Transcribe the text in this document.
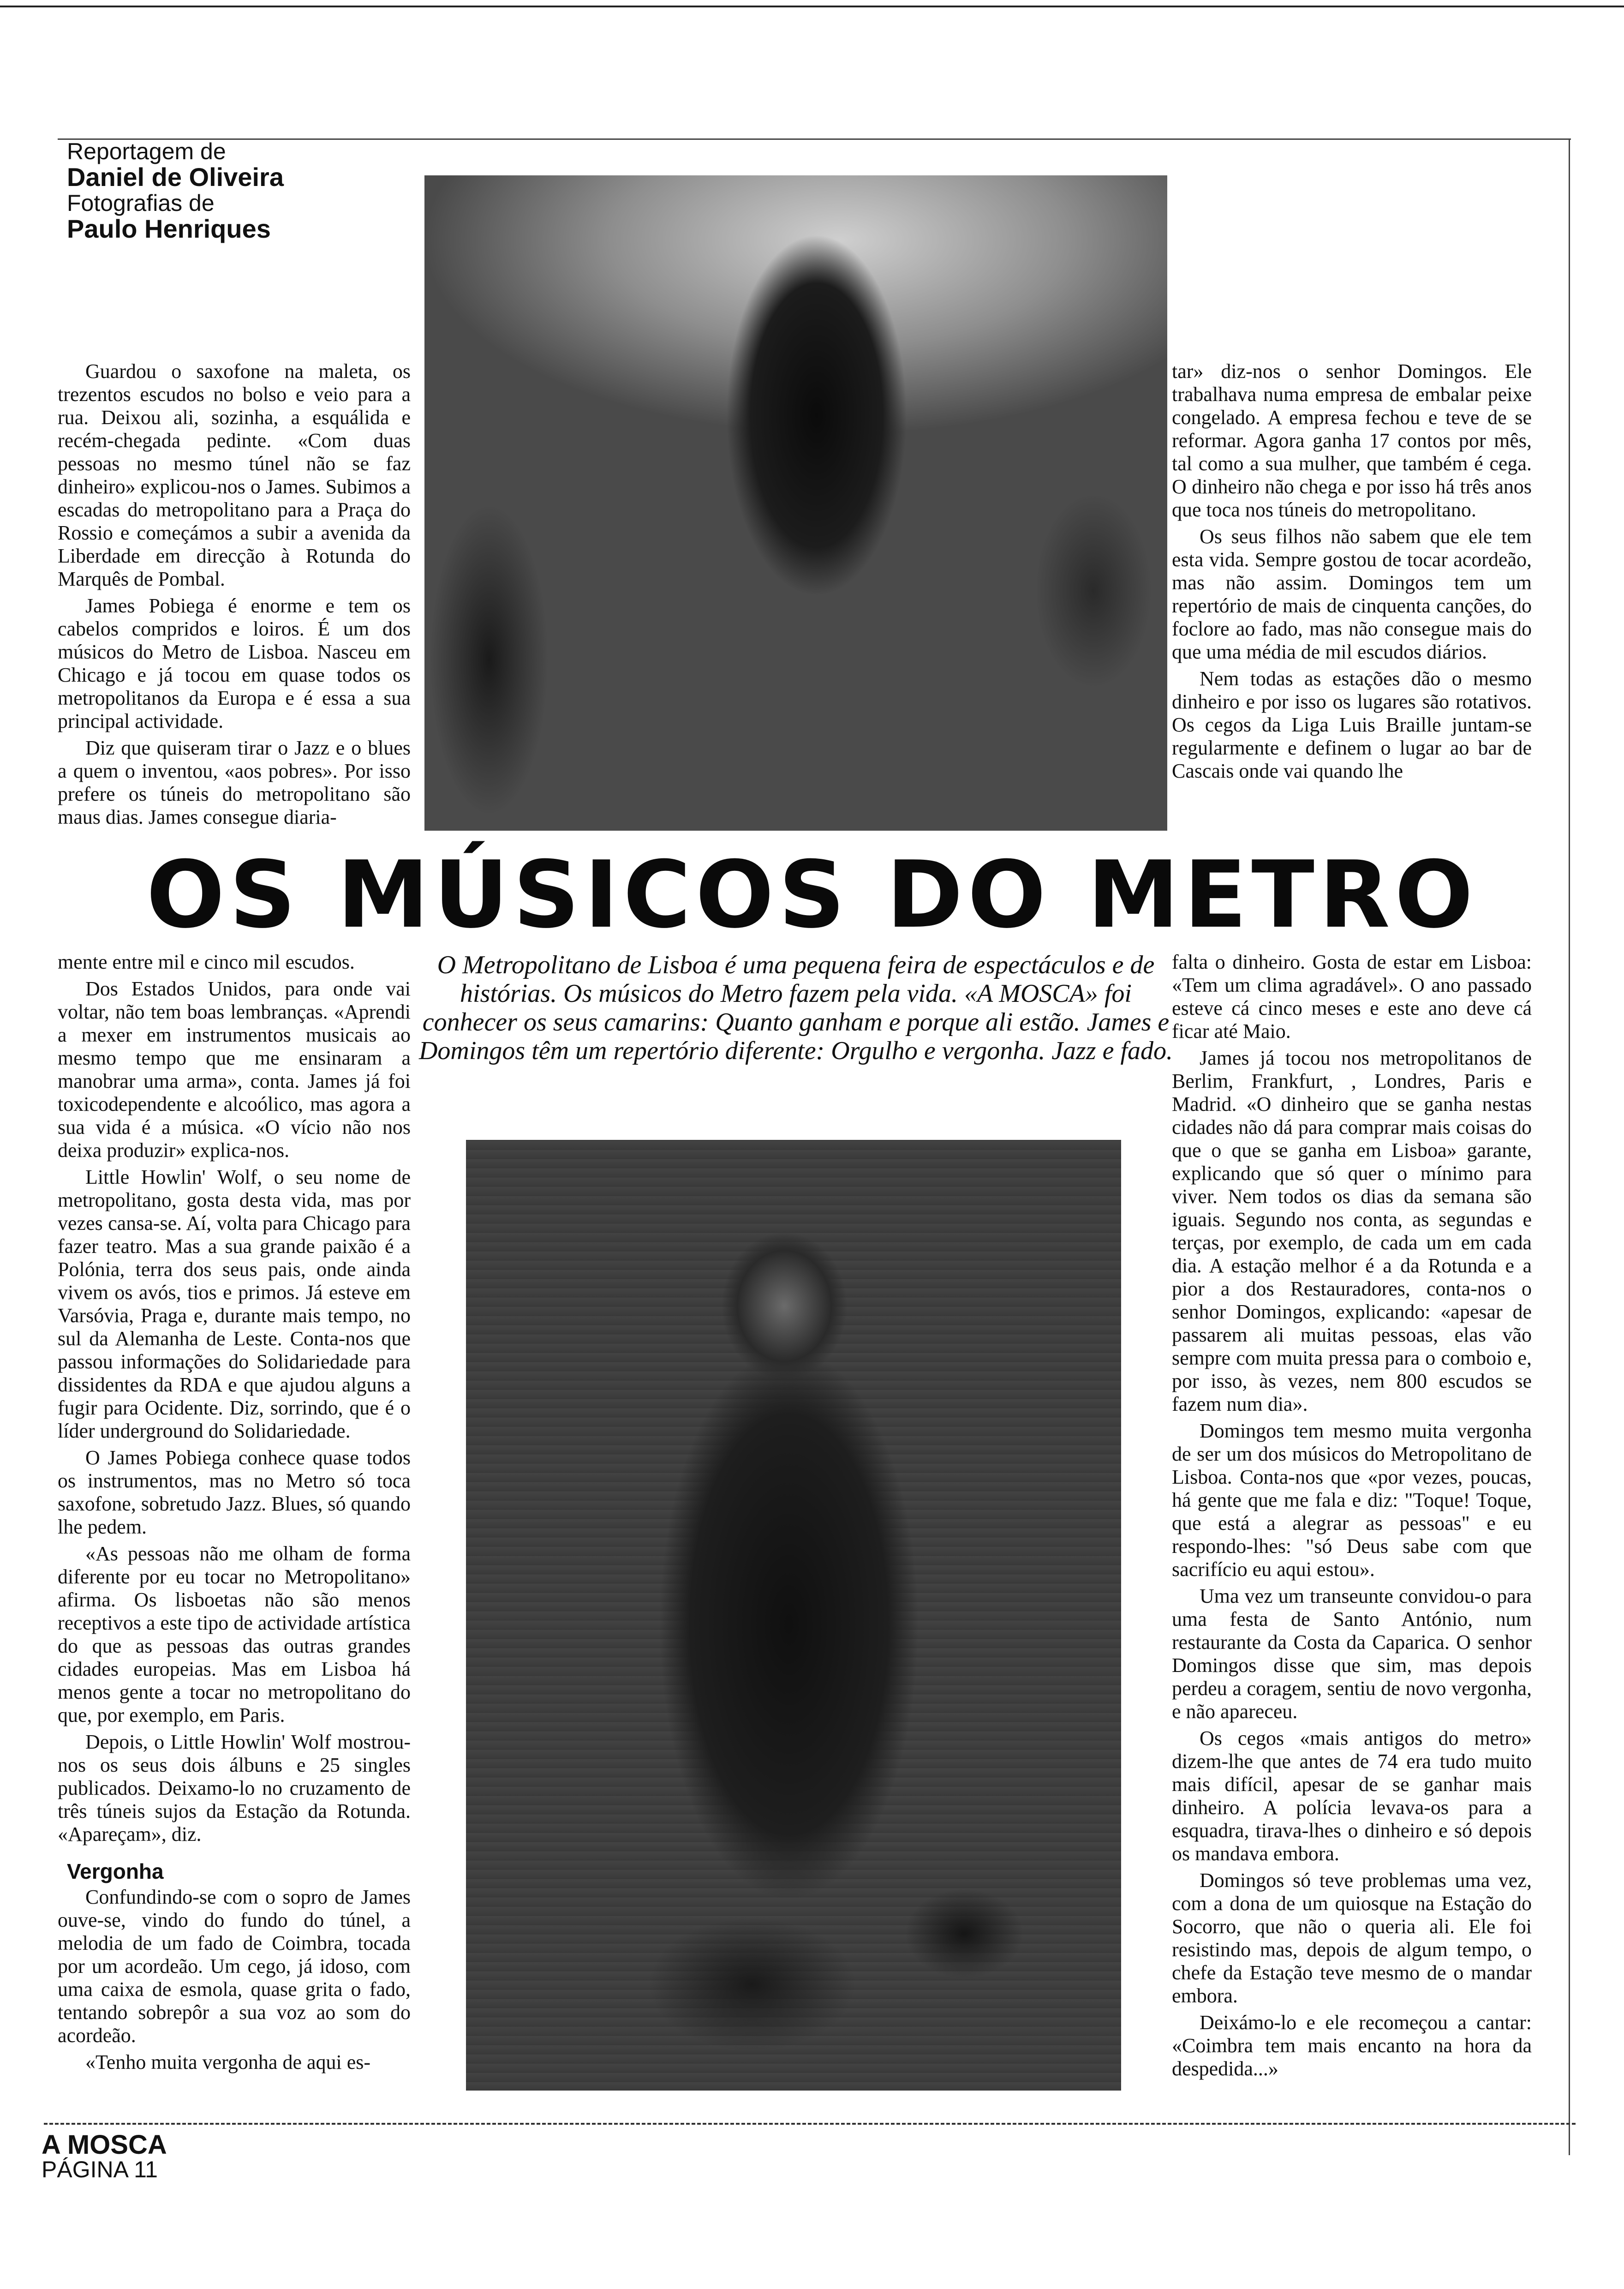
Reportagem de
Daniel de Oliveira
Fotografias de
Paulo Henriques

Guardou o saxofone na maleta, os trezentos escudos no bolso e veio para a rua. Deixou ali, sozinha, a esquálida e recém-chegada pedinte. «Com duas pessoas no mesmo túnel não se faz dinheiro» explicou-nos o James. Subimos a escadas do metropolitano para a Praça do Rossio e começámos a subir a avenida da Liberdade em direcção à Rotunda do Marquês de Pombal.

James Pobiega é enorme e tem os cabelos compridos e loiros. É um dos músicos do Metro de Lisboa. Nasceu em Chicago e já tocou em quase todos os metropolitanos da Europa e é essa a sua principal actividade.

Diz que quiseram tirar o Jazz e o blues a quem o inventou, «aos pobres». Por isso prefere os túneis do metropolitano são maus dias. James consegue diaria-

tar» diz-nos o senhor Domingos. Ele trabalhava numa empresa de embalar peixe congelado. A empresa fechou e teve de se reformar. Agora ganha 17 contos por mês, tal como a sua mulher, que também é cega. O dinheiro não chega e por isso há três anos que toca nos túneis do metropolitano.

Os seus filhos não sabem que ele tem esta vida. Sempre gostou de tocar acordeão, mas não assim. Domingos tem um repertório de mais de cinquenta canções, do foclore ao fado, mas não consegue mais do que uma média de mil escudos diários.

Nem todas as estações dão o mesmo dinheiro e por isso os lugares são rotativos. Os cegos da Liga Luis Braille juntam-se regularmente e definem o lugar ao bar de Cascais onde vai quando lhe

OS MÚSICOS DO METRO
O Metropolitano de Lisboa é uma pequena feira de espectáculos e de histórias. Os músicos do Metro fazem pela vida. «A MOSCA» foi conhecer os seus camarins: Quanto ganham e porque ali estão. James e Domingos têm um repertório diferente: Orgulho e vergonha. Jazz e fado.

mente entre mil e cinco mil escudos.

Dos Estados Unidos, para onde vai voltar, não tem boas lembranças. «Aprendi a mexer em instrumentos musicais ao mesmo tempo que me ensinaram a manobrar uma arma», conta. James já foi toxicodependente e alcoólico, mas agora a sua vida é a música. «O vício não nos deixa produzir» explica-nos.

Little Howlin' Wolf, o seu nome de metropolitano, gosta desta vida, mas por vezes cansa-se. Aí, volta para Chicago para fazer teatro. Mas a sua grande paixão é a Polónia, terra dos seus pais, onde ainda vivem os avós, tios e primos. Já esteve em Varsóvia, Praga e, durante mais tempo, no sul da Alemanha de Leste. Conta-nos que passou informações do Solidariedade para dissidentes da RDA e que ajudou alguns a fugir para Ocidente. Diz, sorrindo, que é o líder underground do Solidariedade.

O James Pobiega conhece quase todos os instrumentos, mas no Metro só toca saxofone, sobretudo Jazz. Blues, só quando lhe pedem.

«As pessoas não me olham de forma diferente por eu tocar no Metropolitano» afirma. Os lisboetas não são menos receptivos a este tipo de actividade artística do que as pessoas das outras grandes cidades europeias. Mas em Lisboa há menos gente a tocar no metropolitano do que, por exemplo, em Paris.

Depois, o Little Howlin' Wolf mostrou-nos os seus dois álbuns e 25 singles publicados. Deixamo-lo no cruzamento de três túneis sujos da Estação da Rotunda. «Apareçam», diz.

Vergonha

Confundindo-se com o sopro de James ouve-se, vindo do fundo do túnel, a melodia de um fado de Coimbra, tocada por um acordeão. Um cego, já idoso, com uma caixa de esmola, quase grita o fado, tentando sobrepôr a sua voz ao som do acordeão.

«Tenho muita vergonha de aqui es-

falta o dinheiro. Gosta de estar em Lisboa: «Tem um clima agradável». O ano passado esteve cá cinco meses e este ano deve cá ficar até Maio.

James já tocou nos metropolitanos de Berlim, Frankfurt, , Londres, Paris e Madrid. «O dinheiro que se ganha nestas cidades não dá para comprar mais coisas do que o que se ganha em Lisboa» garante, explicando que só quer o mínimo para viver. Nem todos os dias da semana são iguais. Segundo nos conta, as segundas e terças, por exemplo, de cada um em cada dia. A estação melhor é a da Rotunda e a pior a dos Restauradores, conta-nos o senhor Domingos, explicando: «apesar de passarem ali muitas pessoas, elas vão sempre com muita pressa para o comboio e, por isso, às vezes, nem 800 escudos se fazem num dia».

Domingos tem mesmo muita vergonha de ser um dos músicos do Metropolitano de Lisboa. Conta-nos que «por vezes, poucas, há gente que me fala e diz: "Toque! Toque, que está a alegrar as pessoas" e eu respondo-lhes: "só Deus sabe com que sacrifício eu aqui estou».

Uma vez um transeunte convidou-o para uma festa de Santo António, num restaurante da Costa da Caparica. O senhor Domingos disse que sim, mas depois perdeu a coragem, sentiu de novo vergonha, e não apareceu.

Os cegos «mais antigos do metro» dizem-lhe que antes de 74 era tudo muito mais difícil, apesar de se ganhar mais dinheiro. A polícia levava-os para a esquadra, tirava-lhes o dinheiro e só depois os mandava embora.

Domingos só teve problemas uma vez, com a dona de um quiosque na Estação do Socorro, que não o queria ali. Ele foi resistindo mas, depois de algum tempo, o chefe da Estação teve mesmo de o mandar embora.

Deixámo-lo e ele recomeçou a cantar: «Coimbra tem mais encanto na hora da despedida...»

A MOSCA
PÁGINA 11
